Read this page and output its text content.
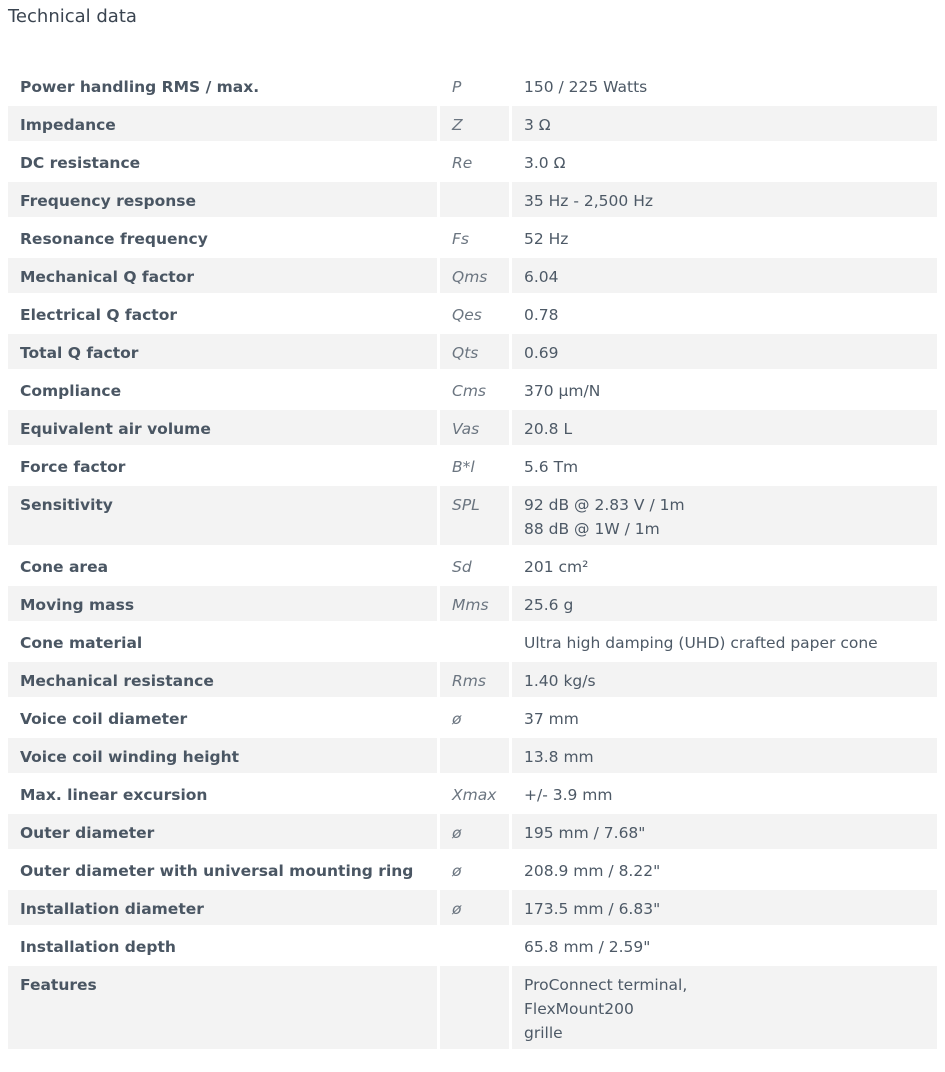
Technical data
Power handling RMS / max.	P	150 / 225 Watts

Impedance	Z	3 Ω

DC resistance	Re	3.0 Ω

Frequency response		35 Hz - 2,500 Hz

Resonance frequency	Fs	52 Hz

Mechanical Q factor	Qms	6.04

Electrical Q factor	Qes	0.78

Total Q factor	Qts	0.69

Compliance	Cms	370 µm/N

Equivalent air volume	Vas	20.8 L

Force factor	B*l	5.6 Tm

Sensitivity	SPL	92 dB @ 2.83 V / 1m
88 dB @ 1W / 1m

Cone area	Sd	201 cm²

Moving mass	Mms	25.6 g

Cone material		Ultra high damping (UHD) crafted paper cone

Mechanical resistance	Rms	1.40 kg/s

Voice coil diameter	ø	37 mm

Voice coil winding height		13.8 mm

Max. linear excursion	Xmax	+/- 3.9 mm

Outer diameter	ø	195 mm / 7.68"

Outer diameter with universal mounting ring	ø	208.9 mm / 8.22"

Installation diameter	ø	173.5 mm / 6.83"

Installation depth		65.8 mm / 2.59"

Features		ProConnect terminal,
FlexMount200
grille
